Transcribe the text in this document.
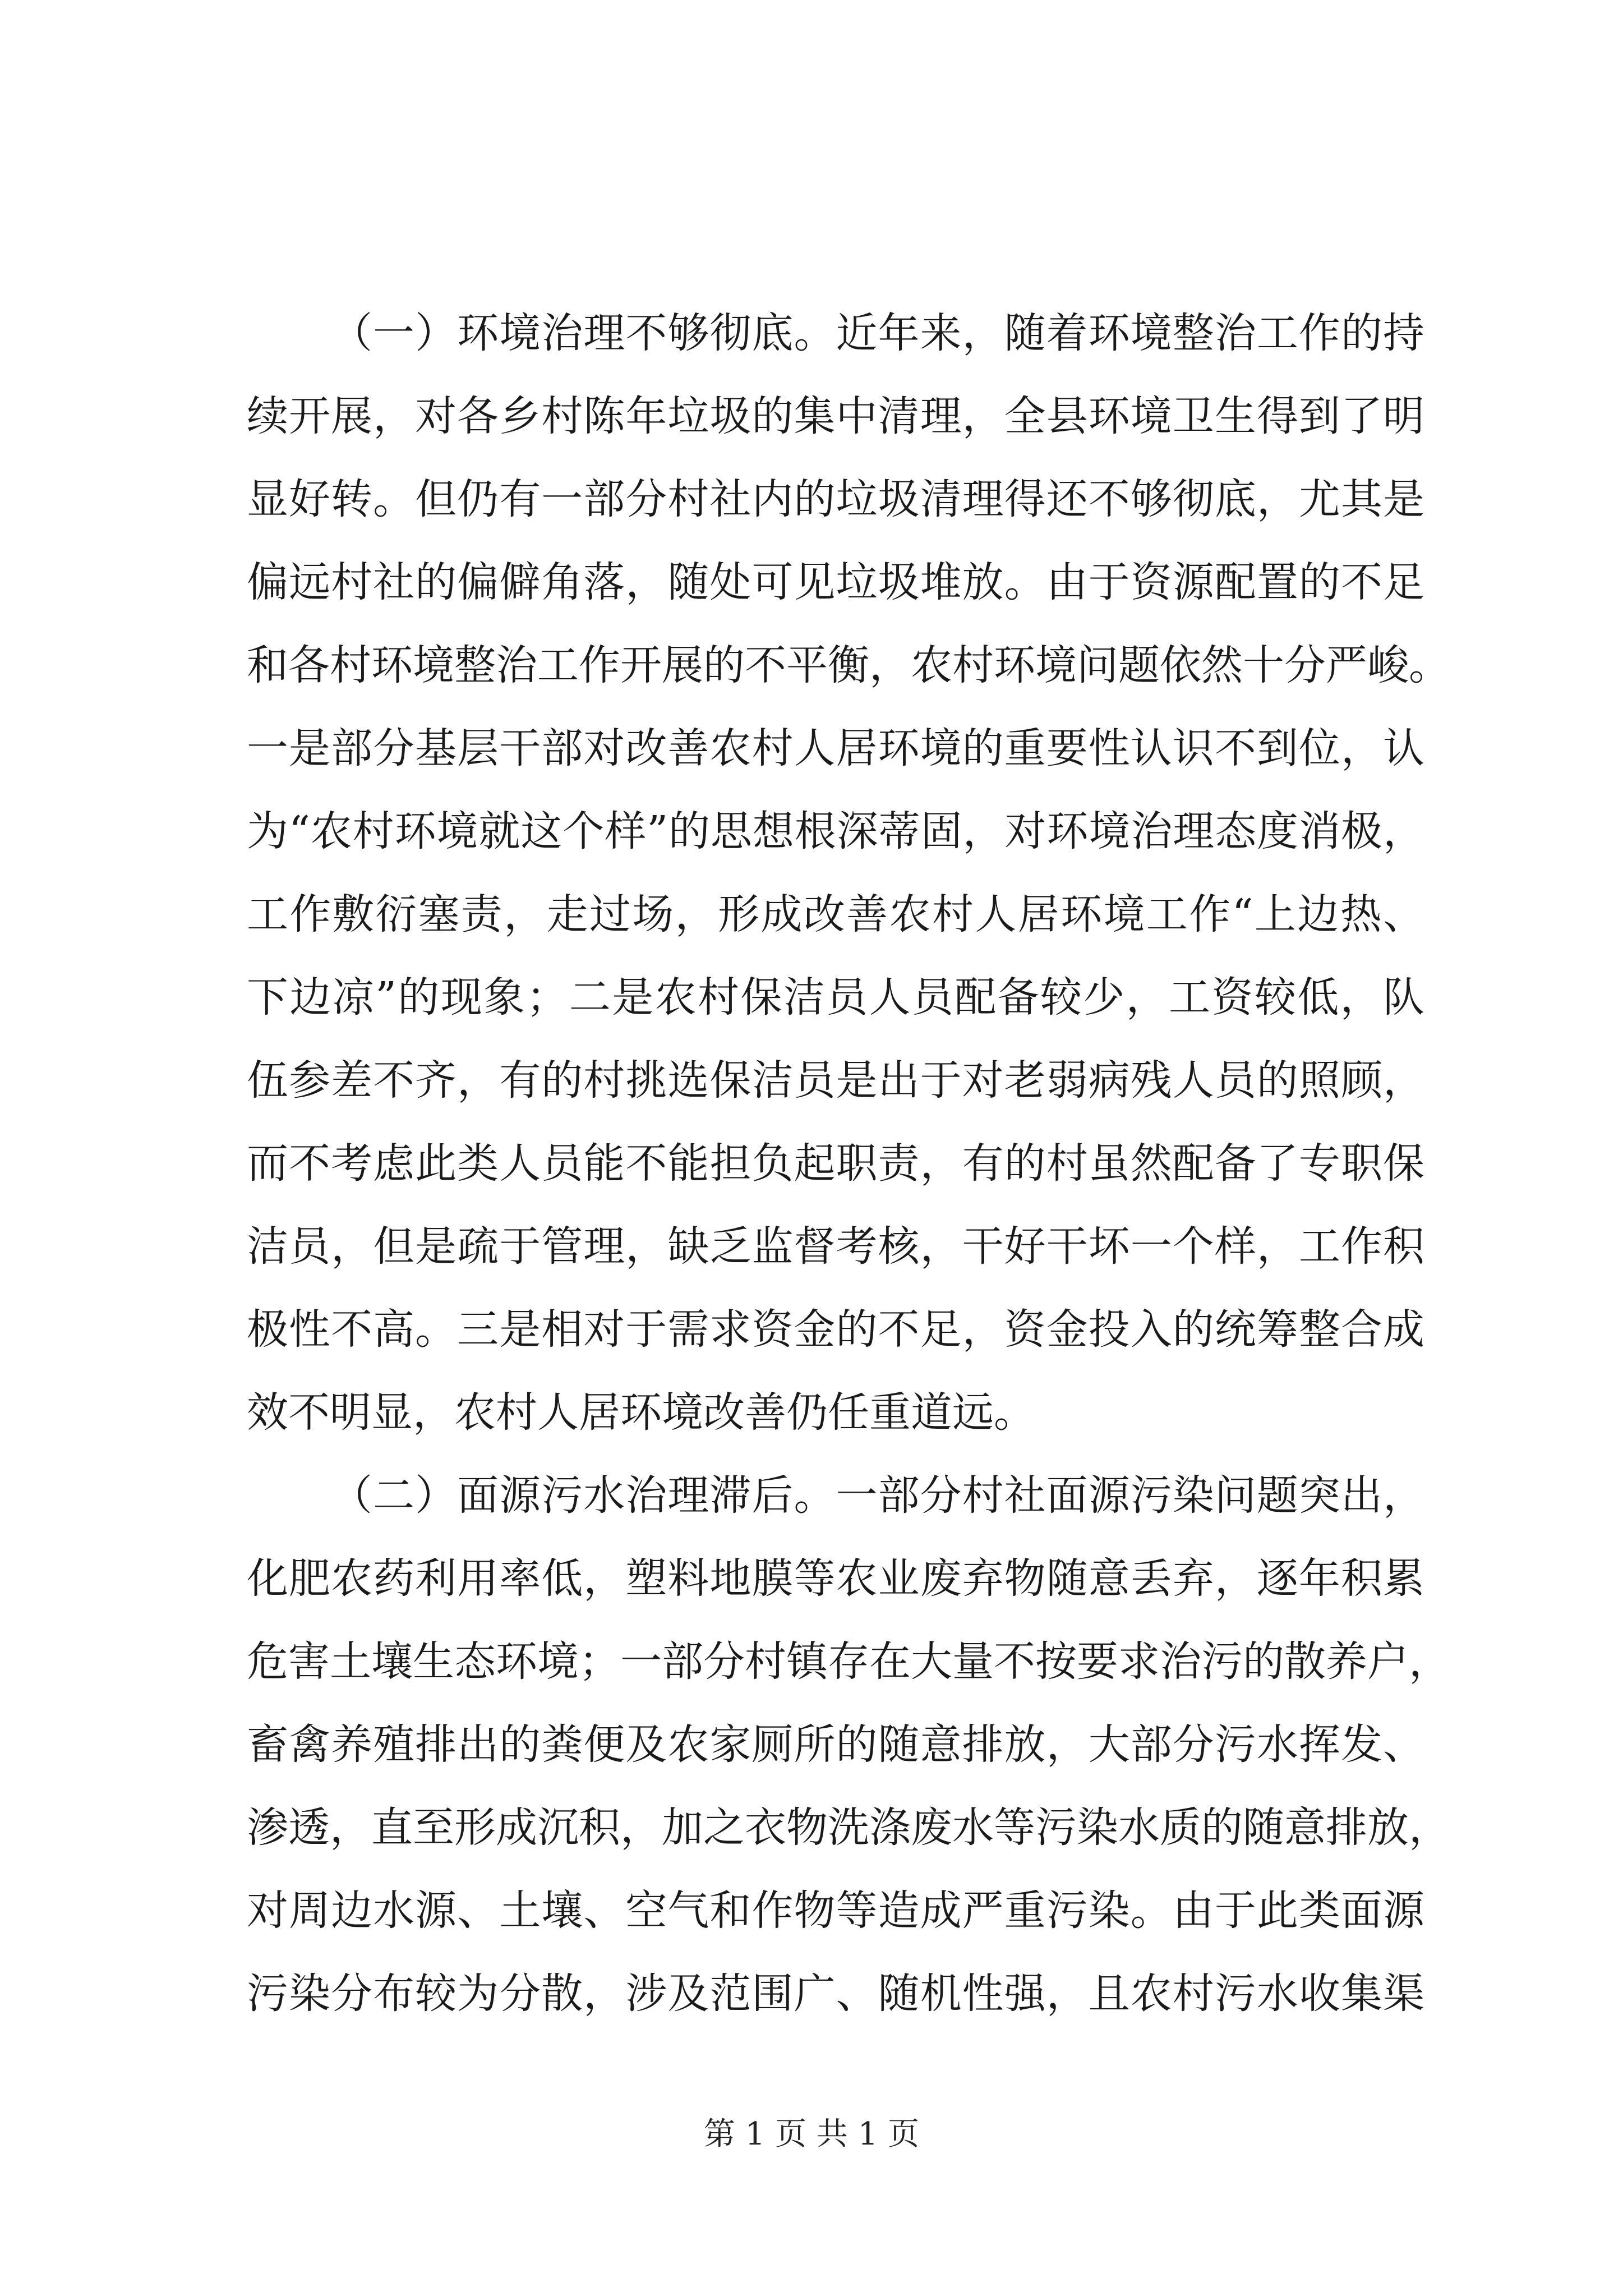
（一）环境治理不够彻底。近年来，随着环境整治工作的持
续开展，对各乡村陈年垃圾的集中清理，全县环境卫生得到了明
显好转。但仍有一部分村社内的垃圾清理得还不够彻底，尤其是
偏远村社的偏僻角落，随处可见垃圾堆放。由于资源配置的不足
和各村环境整治工作开展的不平衡，农村环境问题依然十分严峻。
一是部分基层干部对改善农村人居环境的重要性认识不到位，认
为“农村环境就这个样”的思想根深蒂固，对环境治理态度消极，
工作敷衍塞责，走过场，形成改善农村人居环境工作“上边热、
下边凉”的现象；二是农村保洁员人员配备较少，工资较低，队
伍参差不齐，有的村挑选保洁员是出于对老弱病残人员的照顾，
而不考虑此类人员能不能担负起职责，有的村虽然配备了专职保
洁员，但是疏于管理，缺乏监督考核，干好干坏一个样，工作积
极性不高。三是相对于需求资金的不足，资金投入的统筹整合成
效不明显，农村人居环境改善仍任重道远。
（二）面源污水治理滞后。一部分村社面源污染问题突出，
化肥农药利用率低，塑料地膜等农业废弃物随意丢弃，逐年积累
危害土壤生态环境；一部分村镇存在大量不按要求治污的散养户，
畜禽养殖排出的粪便及农家厕所的随意排放，大部分污水挥发、
渗透，直至形成沉积，加之衣物洗涤废水等污染水质的随意排放，
对周边水源、土壤、空气和作物等造成严重污染。由于此类面源
污染分布较为分散，涉及范围广、随机性强，且农村污水收集渠
第 1 页 共 1 页
